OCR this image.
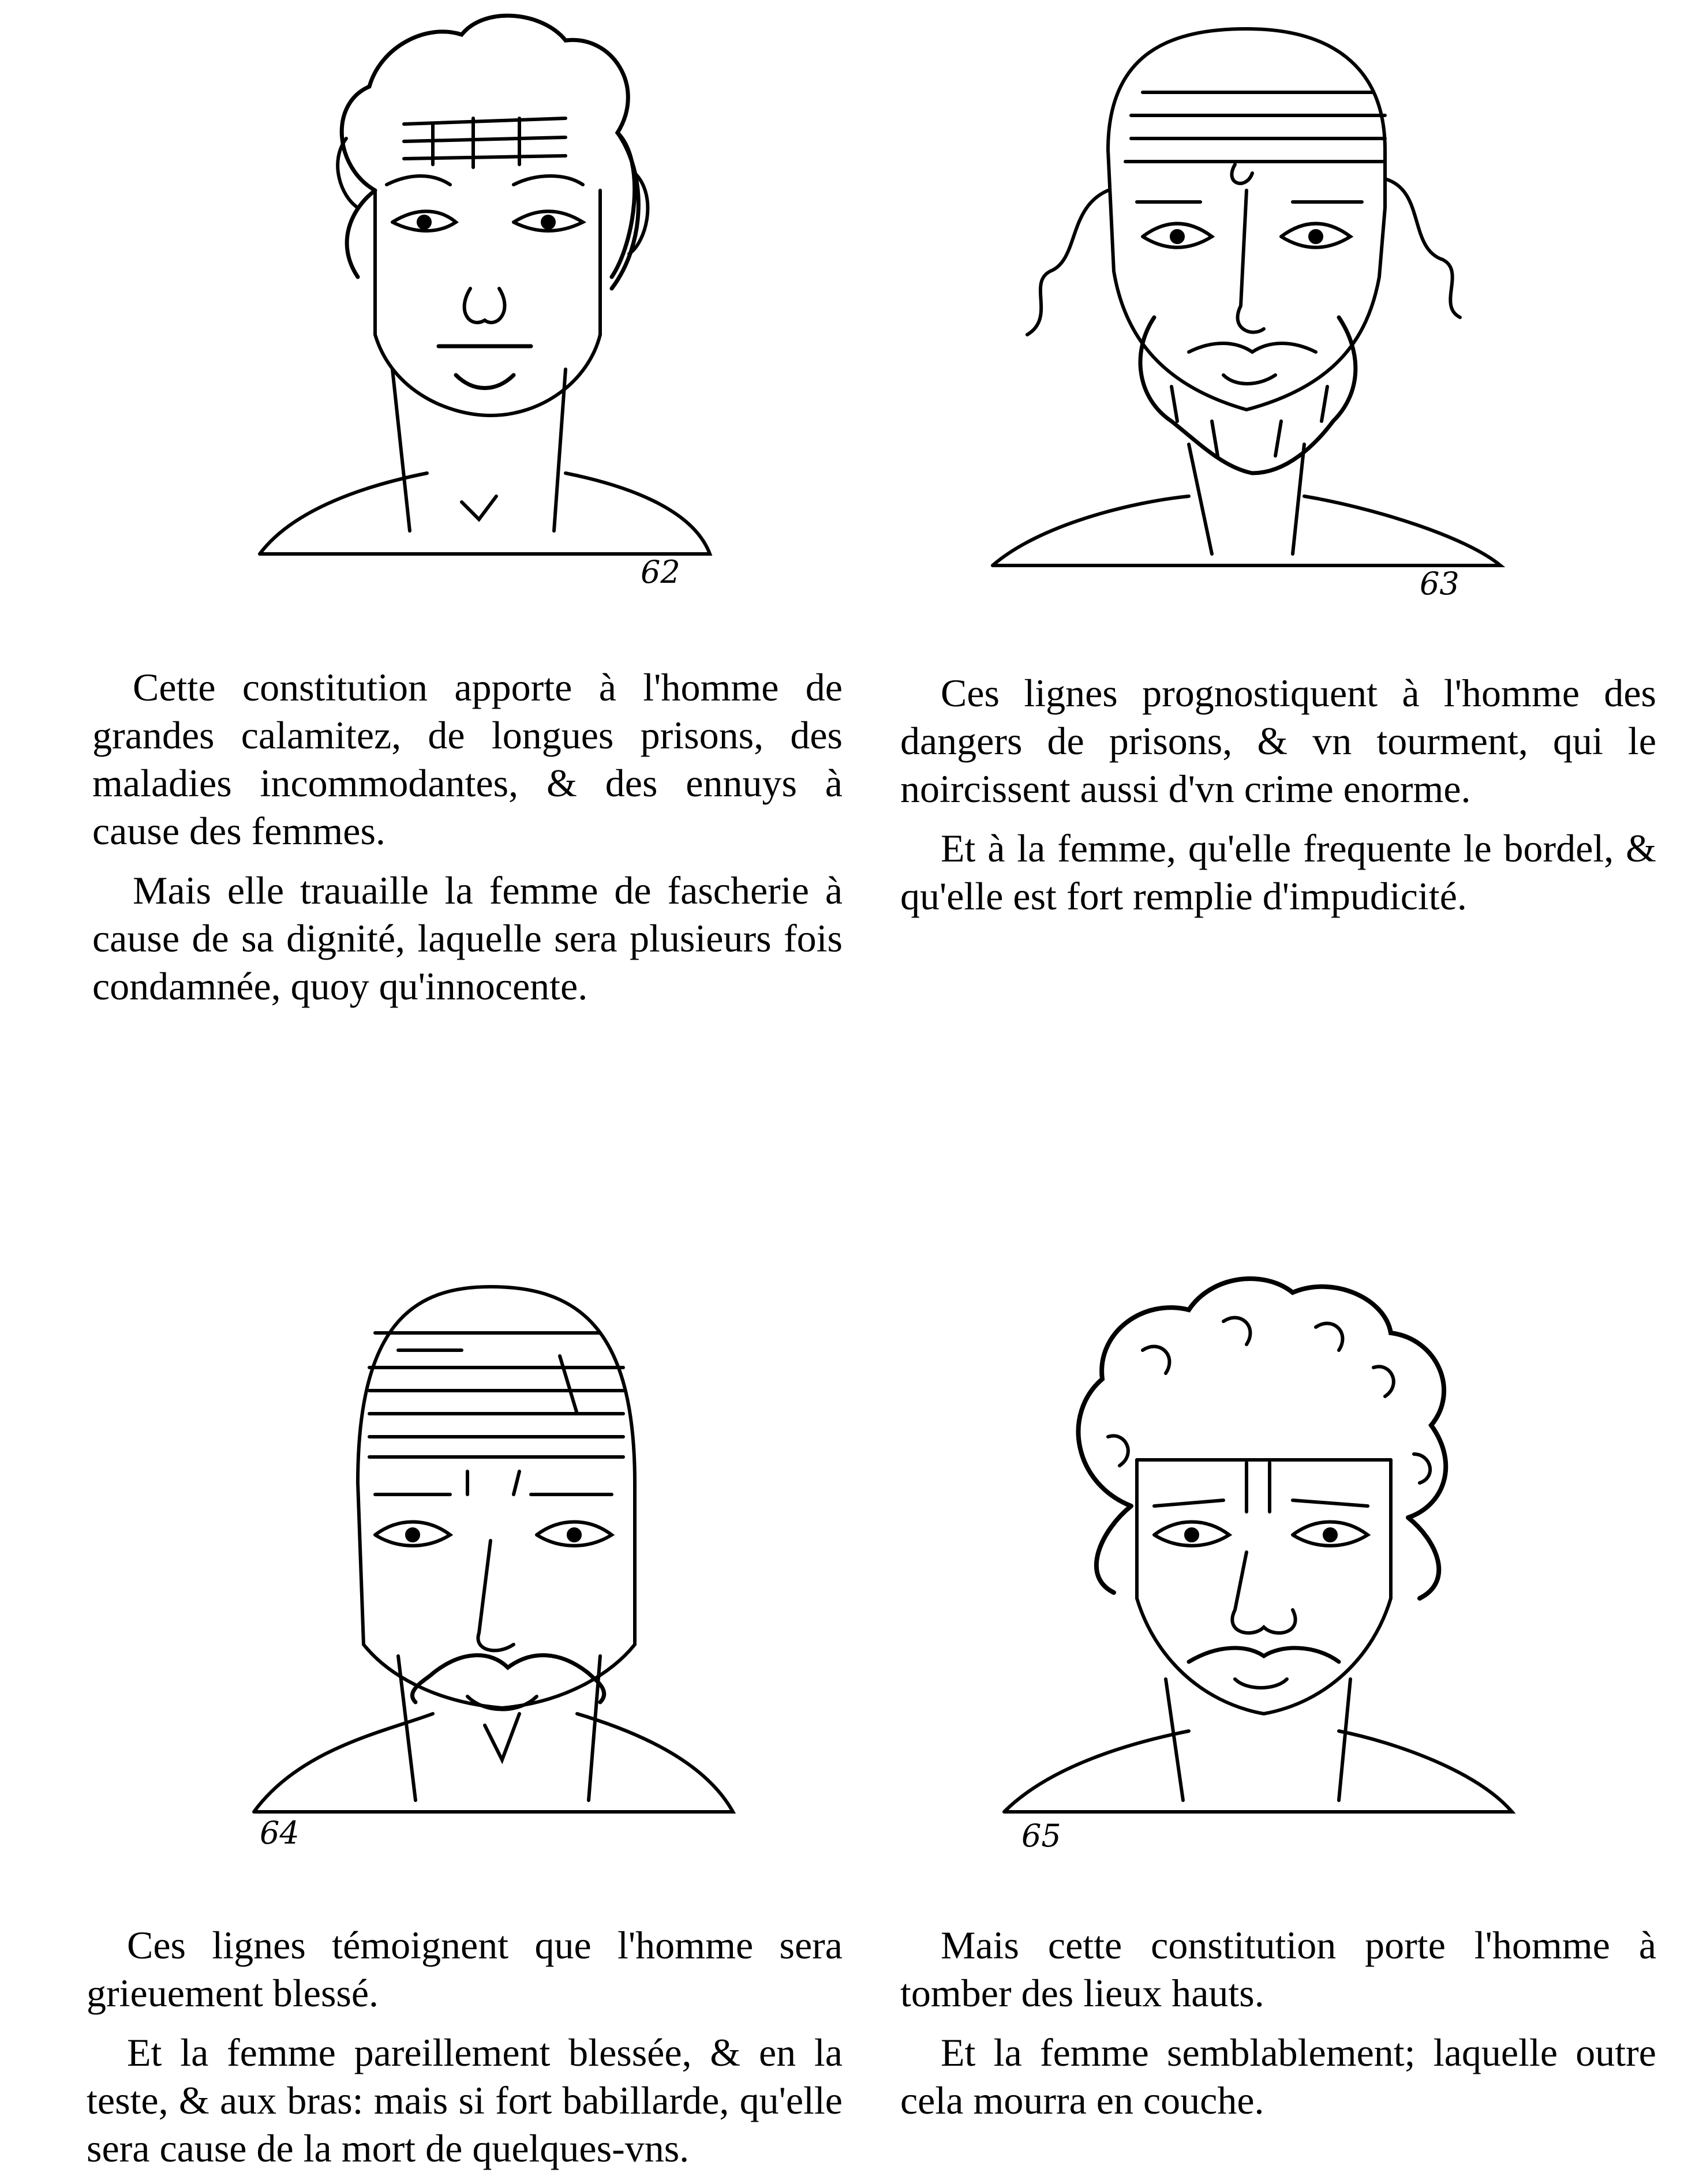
62	63

Cette constitution apporte à l'homme de grandes calamitez, de longues prisons, des maladies incommodantes, & des ennuys à cause des femmes.

Mais elle trauaille la femme de fascherie à cause de sa dignité, laquelle sera plusieurs fois condamnée, quoy qu'innocente.

Ces lignes prognostiquent à l'homme des dangers de prisons, & vn tourment, qui le noircissent aussi d'vn crime enorme.

Et à la femme, qu'elle frequente le bordel, & qu'elle est fort remplie d'impudicité.

64	65

Ces lignes témoignent que l'homme sera grieuement blessé.

Et la femme pareillement blessée, & en la teste, & aux bras: mais si fort babillarde, qu'elle sera cause de la mort de quelques-vns.

Mais cette constitution porte l'homme à tomber des lieux hauts.

Et la femme semblablement; laquelle outre cela mourra en couche.
